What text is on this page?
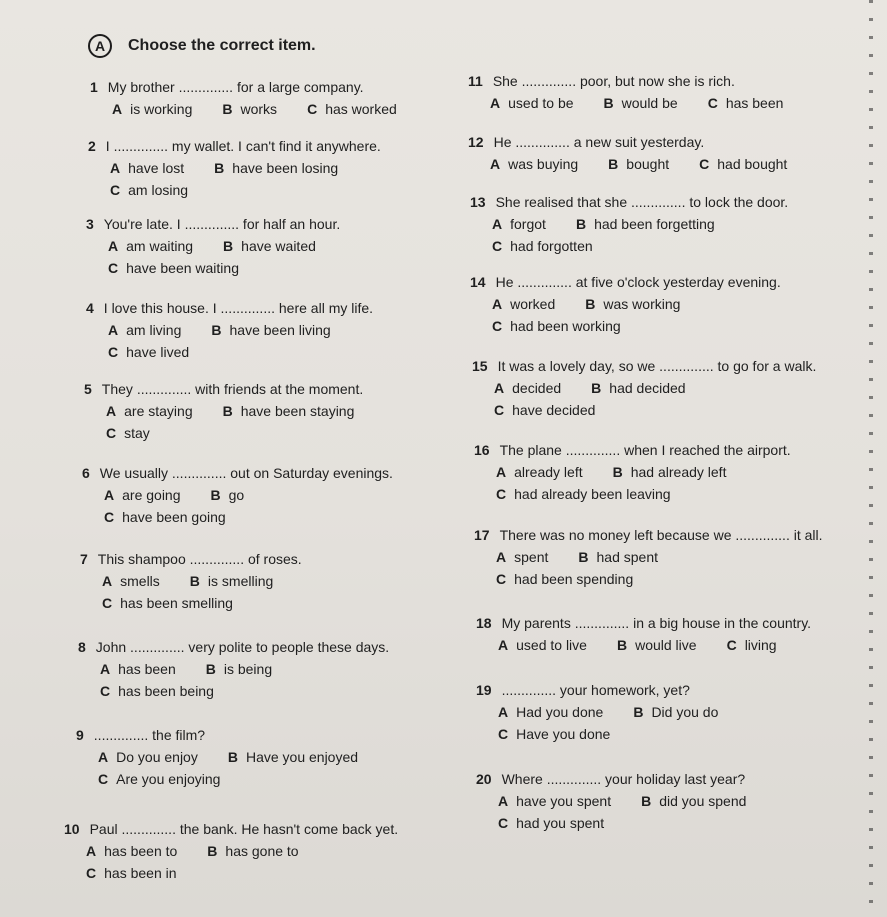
A	Choose the correct item.
1 My brother .............. for a large company.
A is working B works C has worked
2 I .............. my wallet. I can't find it anywhere.
A have lost B have been losing
C am losing
3 You're late. I .............. for half an hour.
A am waiting B have waited
C have been waiting
4 I love this house. I .............. here all my life.
A am living B have been living
C have lived
5 They .............. with friends at the moment.
A are staying B have been staying
C stay
6 We usually .............. out on Saturday evenings.
A are going B go
C have been going
7 This shampoo .............. of roses.
A smells B is smelling
C has been smelling
8 John .............. very polite to people these days.
A has been B is being
C has been being
9 .............. the film?
A Do you enjoy B Have you enjoyed
C Are you enjoying
10 Paul .............. the bank. He hasn't come back yet.
A has been to B has gone to
C has been in
11 She .............. poor, but now she is rich.
A used to be B would be C has been
12 He .............. a new suit yesterday.
A was buying B bought C had bought
13 She realised that she .............. to lock the door.
A forgot B had been forgetting
C had forgotten
14 He .............. at five o'clock yesterday evening.
A worked B was working
C had been working
15 It was a lovely day, so we .............. to go for a walk.
A decided B had decided
C have decided
16 The plane .............. when I reached the airport.
A already left B had already left
C had already been leaving
17 There was no money left because we .............. it all.
A spent B had spent
C had been spending
18 My parents .............. in a big house in the country.
A used to live B would live C living
19 .............. your homework, yet?
A Had you done B Did you do
C Have you done
20 Where .............. your holiday last year?
A have you spent B did you spend
C had you spent
